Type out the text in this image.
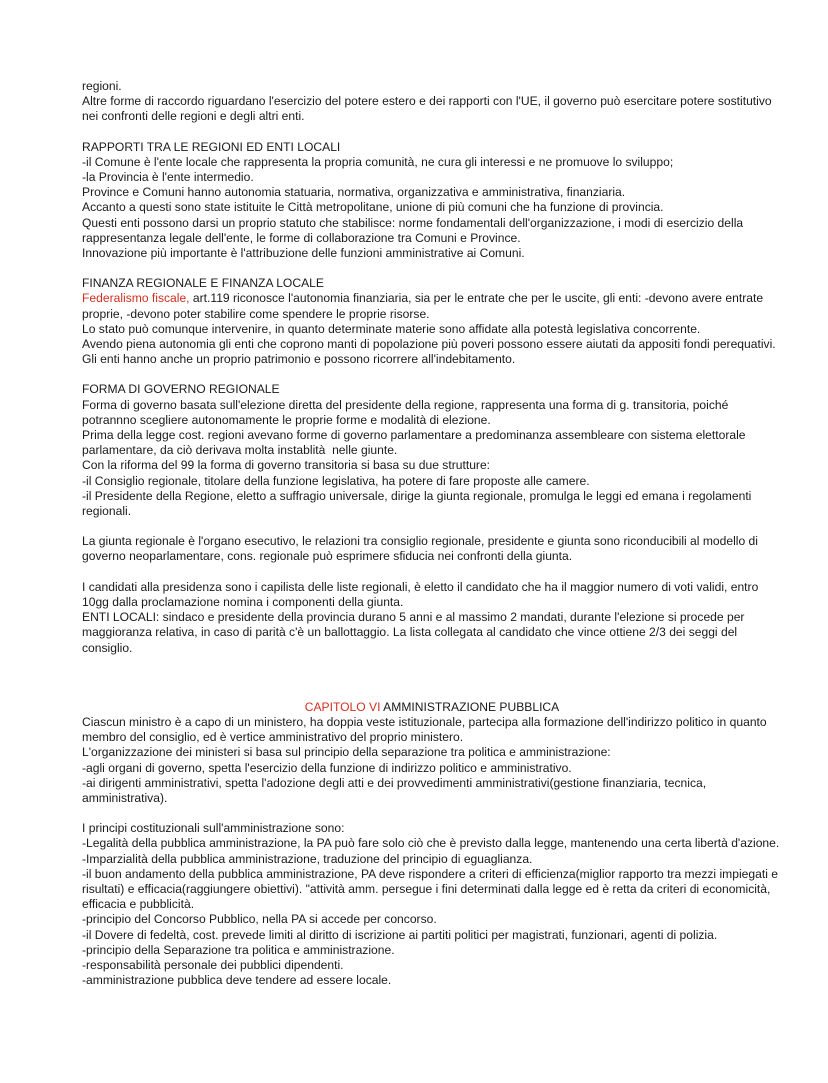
regioni.

Altre forme di raccordo riguardano l'esercizio del potere estero e dei rapporti con l'UE, il governo può esercitare potere sostitutivo nei confronti delle regioni e degli altri enti.

RAPPORTI TRA LE REGIONI ED ENTI LOCALI

-il Comune è l'ente locale che rappresenta la propria comunità, ne cura gli interessi e ne promuove lo sviluppo;

-la Provincia è l'ente intermedio.

Province e Comuni hanno autonomia statuaria, normativa, organizzativa e amministrativa, finanziaria.

Accanto a questi sono state istituite le Città metropolitane, unione di più comuni che ha funzione di provincia.

Questi enti possono darsi un proprio statuto che stabilisce: norme fondamentali dell'organizzazione, i modi di esercizio della rappresentanza legale dell'ente, le forme di collaborazione tra Comuni e Province.

Innovazione più importante è l'attribuzione delle funzioni amministrative ai Comuni.

FINANZA REGIONALE E FINANZA LOCALE

Federalismo fiscale, art.119 riconosce l'autonomia finanziaria, sia per le entrate che per le uscite, gli enti: -devono avere entrate proprie, -devono poter stabilire come spendere le proprie risorse.

Lo stato può comunque intervenire, in quanto determinate materie sono affidate alla potestà legislativa concorrente.

Avendo piena autonomia gli enti che coprono manti di popolazione più poveri possono essere aiutati da appositi fondi perequativi.

Gli enti hanno anche un proprio patrimonio e possono ricorrere all'indebitamento.

FORMA DI GOVERNO REGIONALE

Forma di governo basata sull'elezione diretta del presidente della regione, rappresenta una forma di g. transitoria, poiché potrannno scegliere autonomamente le proprie forme e modalità di elezione.

Prima della legge cost. regioni avevano forme di governo parlamentare a predominanza assembleare con sistema elettorale parlamentare, da ciò derivava molta instablità  nelle giunte.

Con la riforma del 99 la forma di governo transitoria si basa su due strutture:

-il Consiglio regionale, titolare della funzione legislativa, ha potere di fare proposte alle camere.

-il Presidente della Regione, eletto a suffragio universale, dirige la giunta regionale, promulga le leggi ed emana i regolamenti regionali.

La giunta regionale è l'organo esecutivo, le relazioni tra consiglio regionale, presidente e giunta sono riconducibili al modello di governo neoparlamentare, cons. regionale può esprimere sfiducia nei confronti della giunta.

I candidati alla presidenza sono i capilista delle liste regionali, è eletto il candidato che ha il maggior numero di voti validi, entro 10gg dalla proclamazione nomina i componenti della giunta.

ENTI LOCALI: sindaco e presidente della provincia durano 5 anni e al massimo 2 mandati, durante l'elezione si procede per maggioranza relativa, in caso di parità c'è un ballottaggio. La lista collegata al candidato che vince ottiene 2/3 dei seggi del consiglio.

CAPITOLO VI AMMINISTRAZIONE PUBBLICA

Ciascun ministro è a capo di un ministero, ha doppia veste istituzionale, partecipa alla formazione dell'indirizzo politico in quanto membro del consiglio, ed è vertice amministrativo del proprio ministero.

L'organizzazione dei ministeri si basa sul principio della separazione tra politica e amministrazione:

-agli organi di governo, spetta l'esercizio della funzione di indirizzo politico e amministrativo.

-ai dirigenti amministrativi, spetta l'adozione degli atti e dei provvedimenti amministrativi(gestione finanziaria, tecnica, amministrativa).

I principi costituzionali sull'amministrazione sono:

-Legalità della pubblica amministrazione, la PA può fare solo ciò che è previsto dalla legge, mantenendo una certa libertà d'azione.

-Imparzialità della pubblica amministrazione, traduzione del principio di eguaglianza.

-il buon andamento della pubblica amministrazione, PA deve rispondere a criteri di efficienza(miglior rapporto tra mezzi impiegati e risultati) e efficacia(raggiungere obiettivi). "attività amm. persegue i fini determinati dalla legge ed è retta da criteri di economicità, efficacia e pubblicità.

-principio del Concorso Pubblico, nella PA si accede per concorso.

-il Dovere di fedeltà, cost. prevede limiti al diritto di iscrizione ai partiti politici per magistrati, funzionari, agenti di polizia.

-principio della Separazione tra politica e amministrazione.

-responsabilità personale dei pubblici dipendenti.

-amministrazione pubblica deve tendere ad essere locale.
